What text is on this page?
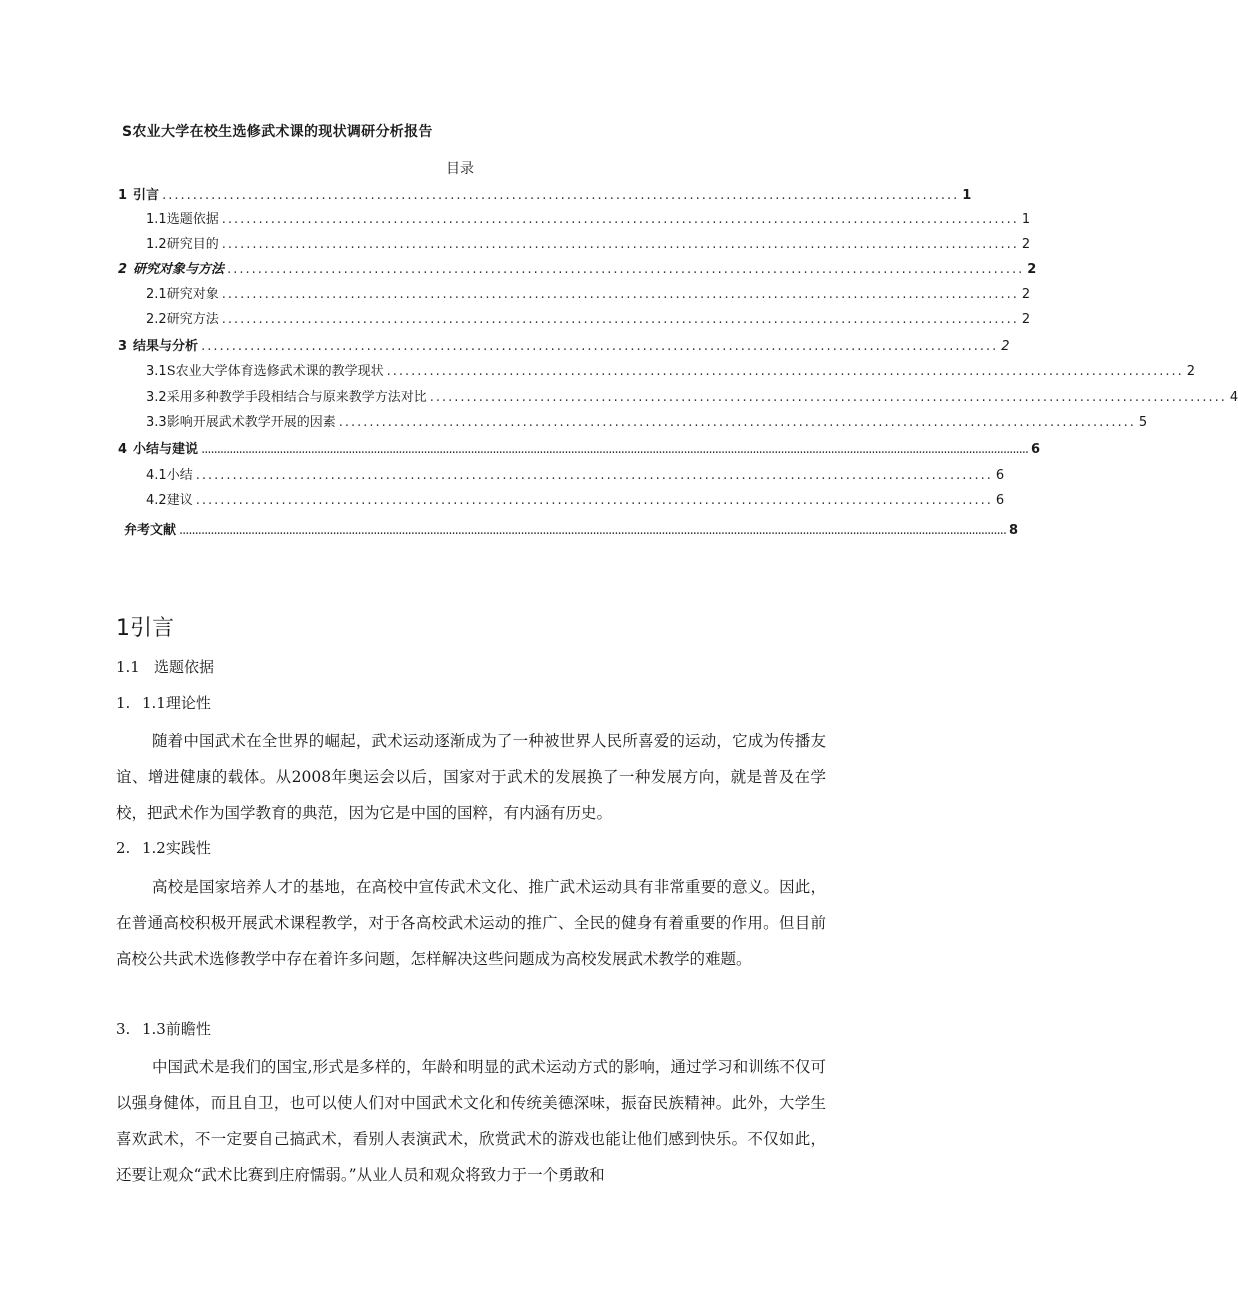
S农业大学在校生选修武术课的现状调研分析报告
目录
1 引言 .................................................................................................................................. 1
1.1 选题依据 .................................................................................................................................. 1
1.2 研究目的 .................................................................................................................................. 2
2 研究对象与方法 .................................................................................................................................. 2
2.1 研究对象 .................................................................................................................................. 2
2.2 研究方法 .................................................................................................................................. 2
3 结果与分析 .................................................................................................................................. 2
3.1 S农业大学体育选修武术课的教学现状 .................................................................................................................................. 2
3.2 采用多种教学手段相结合与原来教学方法对比 .................................................................................................................................. 4
3.3 影响开展武术教学开展的因素 .................................................................................................................................. 5
4 小结与建说 ........................................................................................................................................................................................................................................................................ 6
4.1 小结 .................................................................................................................................. 6
4.2 建议 .................................................................................................................................. 6
弁考文献 ........................................................................................................................................................................................................................................................................ 8
1引言
1.1 选题依据
1. 1.1理论性

随着中国武术在全世界的崛起，武术运动逐渐成为了一种被世界人民所喜爱的运动，它成为传播友谊、增进健康的载体。从2008年奥运会以后，国家对于武术的发展换了一种发展方向，就是普及在学校，把武术作为国学教育的典范，因为它是中国的国粹，有内涵有历史。

2. 1.2实践性

高校是国家培养人才的基地，在高校中宣传武术文化、推广武术运动具有非常重要的意义。因此，在普通高校积极开展武术课程教学，对于各高校武术运动的推广、全民的健身有着重要的作用。但目前高校公共武术选修教学中存在着许多问题，怎样解决这些问题成为高校发展武术教学的难题。

3. 1.3前瞻性

中国武术是我们的国宝,形式是多样的，年龄和明显的武术运动方式的影响，通过学习和训练不仅可以强身健体，而且自卫，也可以使人们对中国武术文化和传统美德深味，振奋民族精神。此外，大学生喜欢武术，不一定要自己搞武术，看别人表演武术，欣赏武术的游戏也能让他们感到快乐。不仅如此，还要让观众“武术比赛到庄府懦弱。”从业人员和观众将致力于一个勇敢和
